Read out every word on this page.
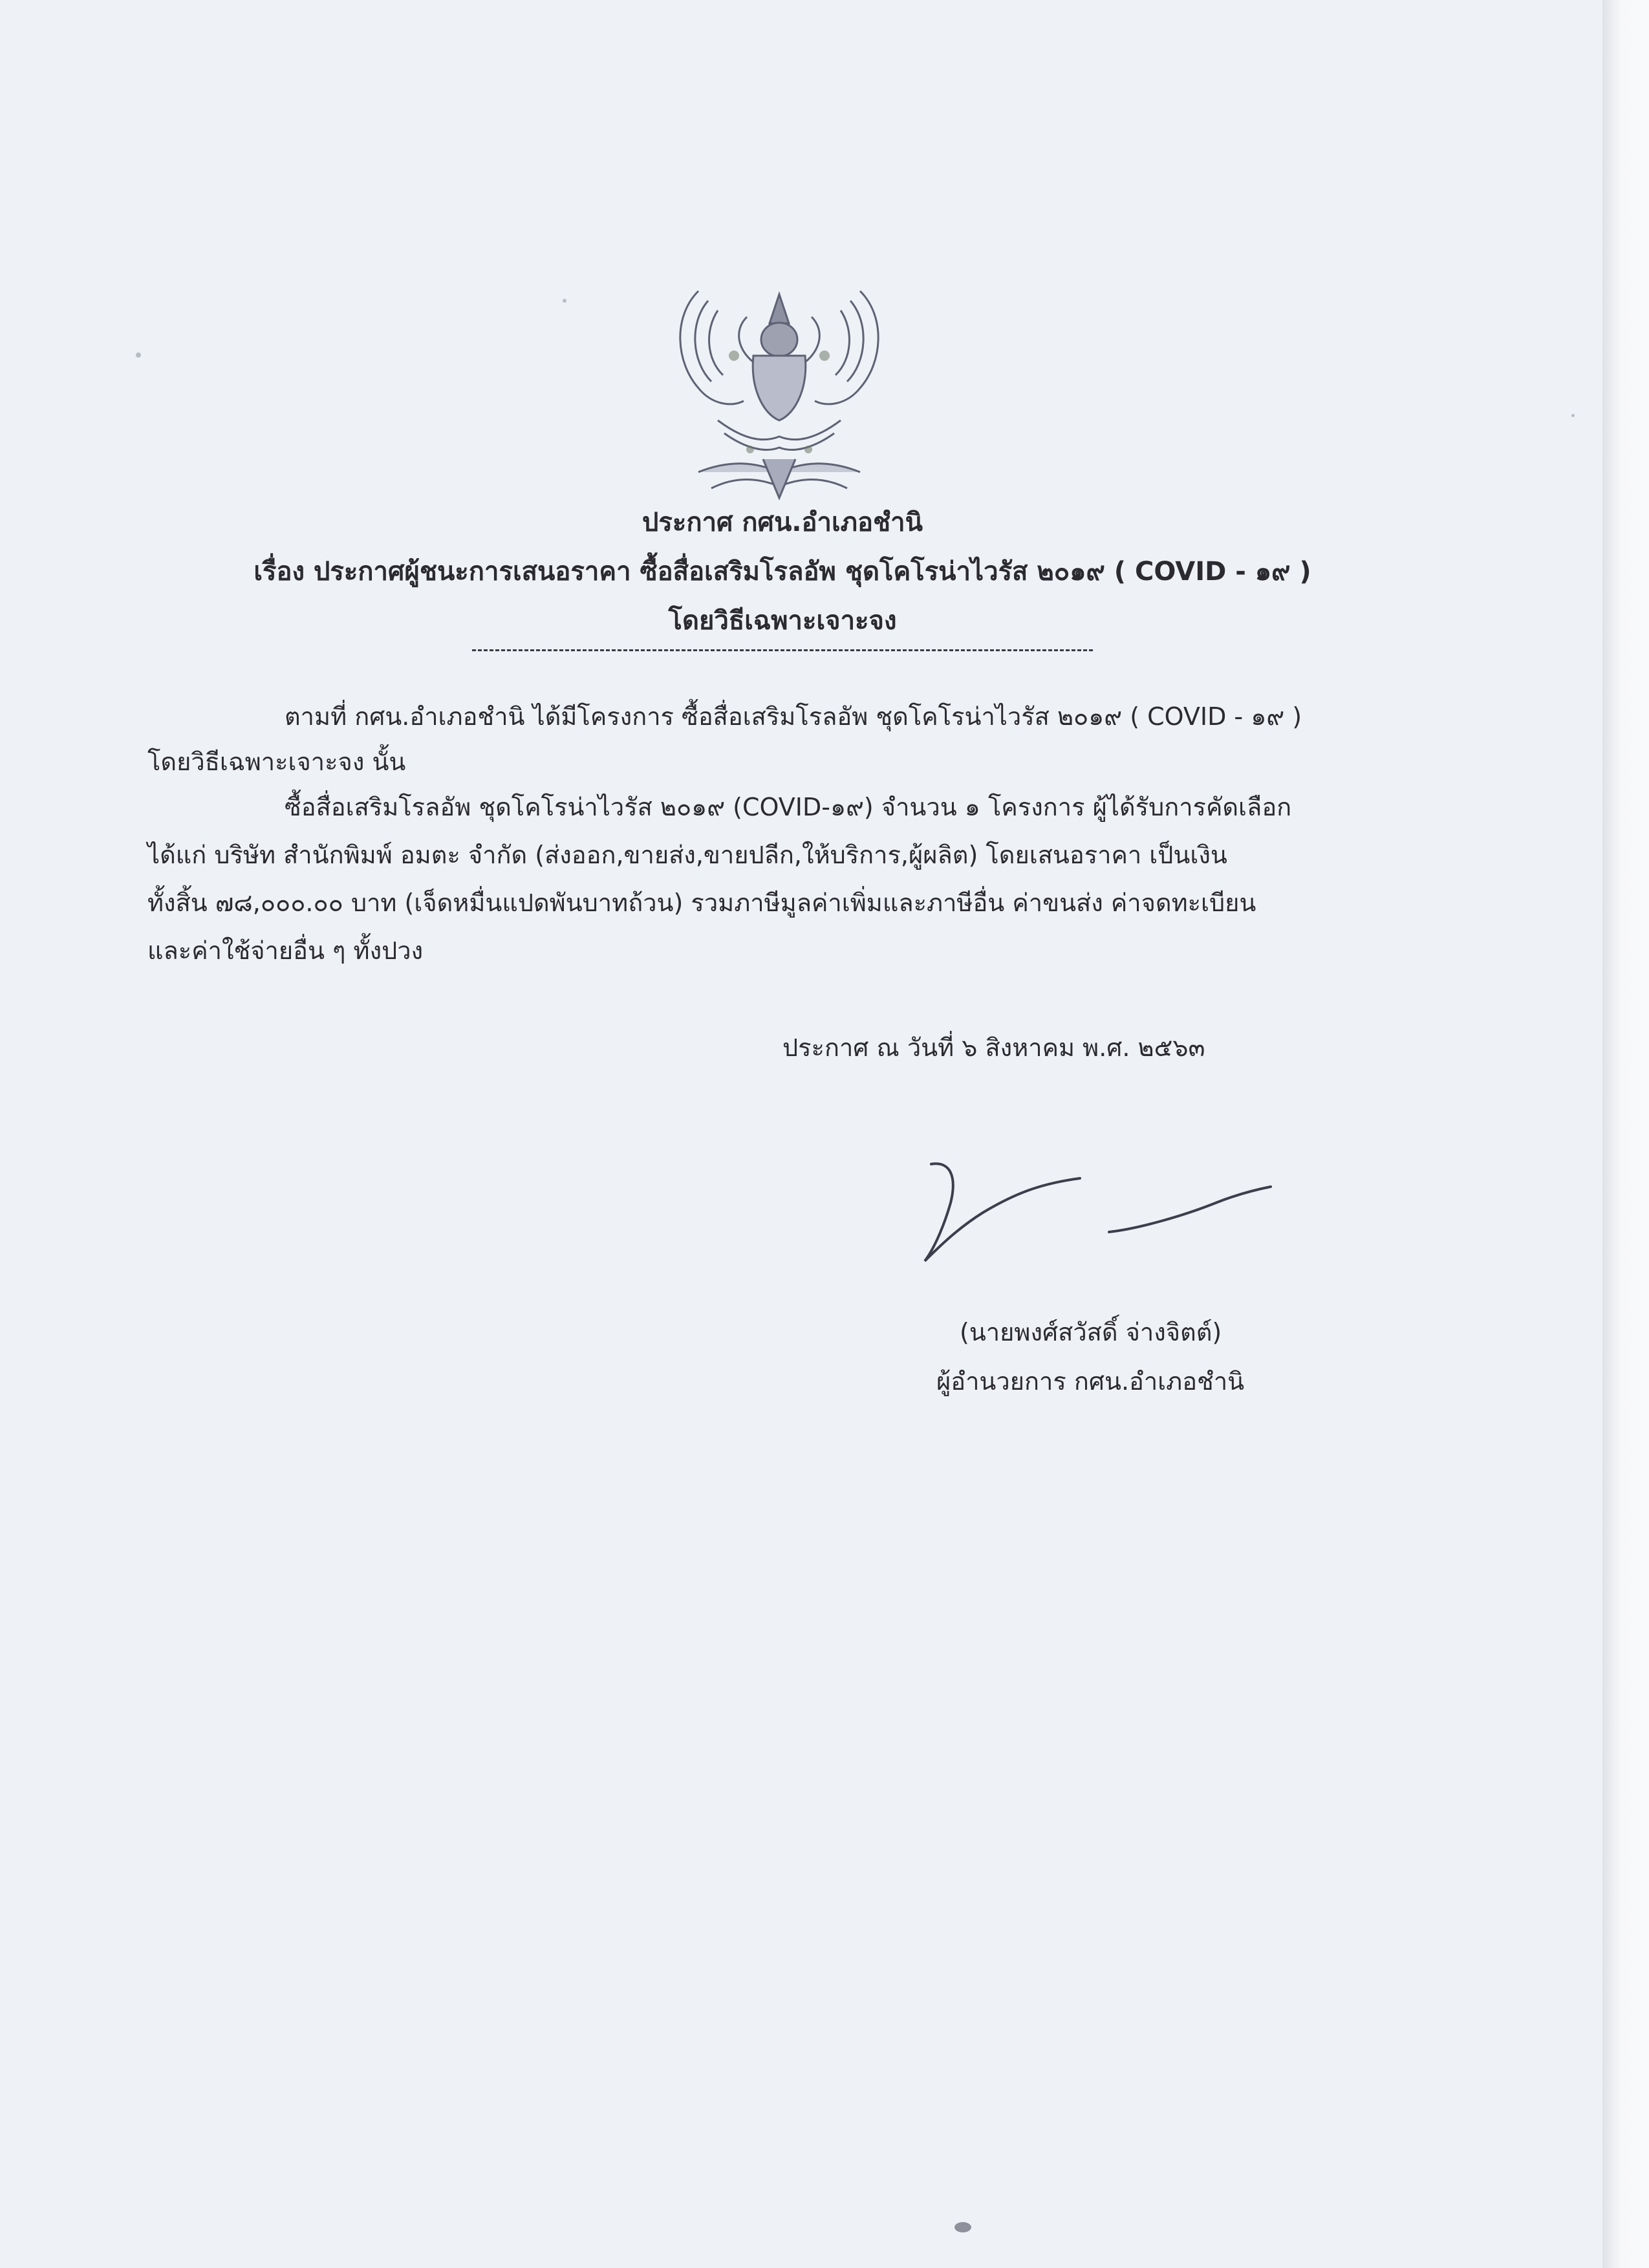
ประกาศ กศน.อำเภอชำนิ
เรื่อง ประกาศผู้ชนะการเสนอราคา ซื้อสื่อเสริมโรลอัพ ชุดโคโรน่าไวรัส ๒๐๑๙ ( COVID - ๑๙ )
โดยวิธีเฉพาะเจาะจง
ตามที่ กศน.อำเภอชำนิ ได้มีโครงการ ซื้อสื่อเสริมโรลอัพ ชุดโคโรน่าไวรัส ๒๐๑๙ ( COVID - ๑๙ )
โดยวิธีเฉพาะเจาะจง นั้น
ซื้อสื่อเสริมโรลอัพ ชุดโคโรน่าไวรัส ๒๐๑๙ (COVID-๑๙) จำนวน ๑ โครงการ ผู้ได้รับการคัดเลือก
ได้แก่ บริษัท สำนักพิมพ์ อมตะ จำกัด (ส่งออก,ขายส่ง,ขายปลีก,ให้บริการ,ผู้ผลิต) โดยเสนอราคา เป็นเงิน
ทั้งสิ้น ๗๘,๐๐๐.๐๐ บาท (เจ็ดหมื่นแปดพันบาทถ้วน) รวมภาษีมูลค่าเพิ่มและภาษีอื่น ค่าขนส่ง ค่าจดทะเบียน
และค่าใช้จ่ายอื่น ๆ ทั้งปวง
ประกาศ ณ วันที่ ๖ สิงหาคม พ.ศ. ๒๕๖๓
(นายพงศ์สวัสดิ์ จ่างจิตต์)
ผู้อำนวยการ กศน.อำเภอชำนิ
